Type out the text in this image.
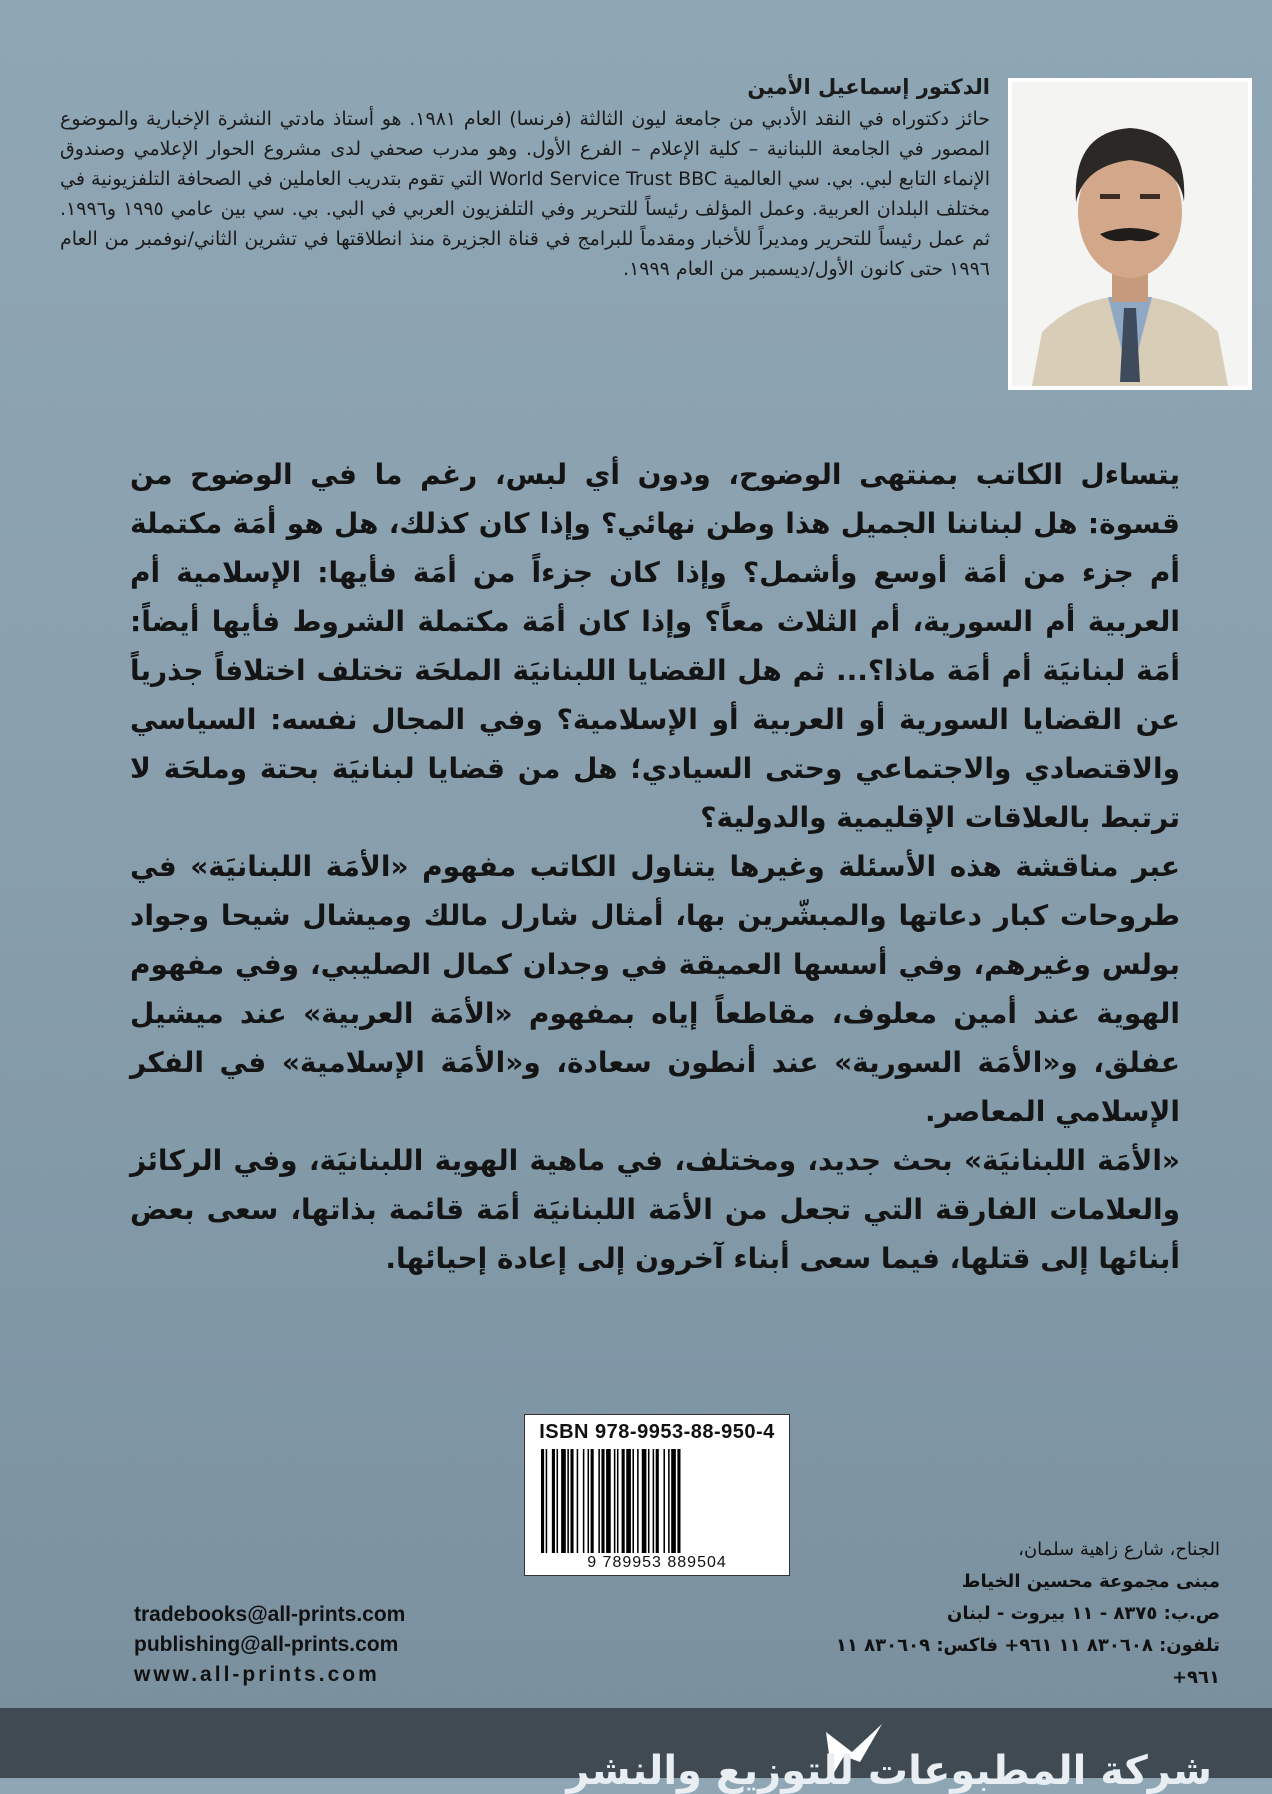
الدكتور إسماعيل الأمين
حائز دكتوراه في النقد الأدبي من جامعة ليون الثالثة (فرنسا) العام ١٩٨١. هو أستاذ مادتي النشرة الإخبارية والموضوع المصور في الجامعة اللبنانية – كلية الإعلام – الفرع الأول. وهو مدرب صحفي لدى مشروع الحوار الإعلامي وصندوق الإنماء التابع لبي. بي. سي العالمية World Service Trust BBC التي تقوم بتدريب العاملين في الصحافة التلفزيونية في مختلف البلدان العربية. وعمل المؤلف رئيساً للتحرير وفي التلفزيون العربي في البي. بي. سي بين عامي ١٩٩٥ و١٩٩٦. ثم عمل رئيساً للتحرير ومديراً للأخبار ومقدماً للبرامج في قناة الجزيرة منذ انطلاقتها في تشرين الثاني/نوفمبر من العام ١٩٩٦ حتى كانون الأول/ديسمبر من العام ١٩٩٩.

يتساءل الكاتب بمنتهى الوضوح، ودون أي لبس، رغم ما في الوضوح من قسوة: هل لبناننا الجميل هذا وطن نهائي؟ وإذا كان كذلك، هل هو أمَة مكتملة أم جزء من أمَة أوسع وأشمل؟ وإذا كان جزءاً من أمَة فأيها: الإسلامية أم العربية أم السورية، أم الثلاث معاً؟ وإذا كان أمَة مكتملة الشروط فأيها أيضاً: أمَة لبنانيَة أم أمَة ماذا؟... ثم هل القضايا اللبنانيَة الملحَة تختلف اختلافاً جذرياً عن القضايا السورية أو العربية أو الإسلامية؟ وفي المجال نفسه: السياسي والاقتصادي والاجتماعي وحتى السيادي؛ هل من قضايا لبنانيَة بحتة وملحَة لا ترتبط بالعلاقات الإقليمية والدولية؟

عبر مناقشة هذه الأسئلة وغيرها يتناول الكاتب مفهوم «الأمَة اللبنانيَة» في طروحات كبار دعاتها والمبشّرين بها، أمثال شارل مالك وميشال شيحا وجواد بولس وغيرهم، وفي أسسها العميقة في وجدان كمال الصليبي، وفي مفهوم الهوية عند أمين معلوف، مقاطعاً إياه بمفهوم «الأمَة العربية» عند ميشيل عفلق، و«الأمَة السورية» عند أنطون سعادة، و«الأمَة الإسلامية» في الفكر الإسلامي المعاصر.

«الأمَة اللبنانيَة» بحث جديد، ومختلف، في ماهية الهوية اللبنانيَة، وفي الركائز والعلامات الفارقة التي تجعل من الأمَة اللبنانيَة أمَة قائمة بذاتها، سعى بعض أبنائها إلى قتلها، فيما سعى أبناء آخرون إلى إعادة إحيائها.

ISBN 978-9953-88-950-4
9 789953 889504
tradebooks@all-prints.com
publishing@all-prints.com
www.all-prints.com
الجناح، شارع زاهية سلمان،
مبنى مجموعة محسين الخياط
ص.ب: ٨٣٧٥ - ١١ بيروت - لبنان
تلفون: ٨٣٠٦٠٨ ١١ ٩٦١+ فاكس: ٨٣٠٦٠٩ ١١ ٩٦١+
شركة المطبوعات للتوزيع والنشر
